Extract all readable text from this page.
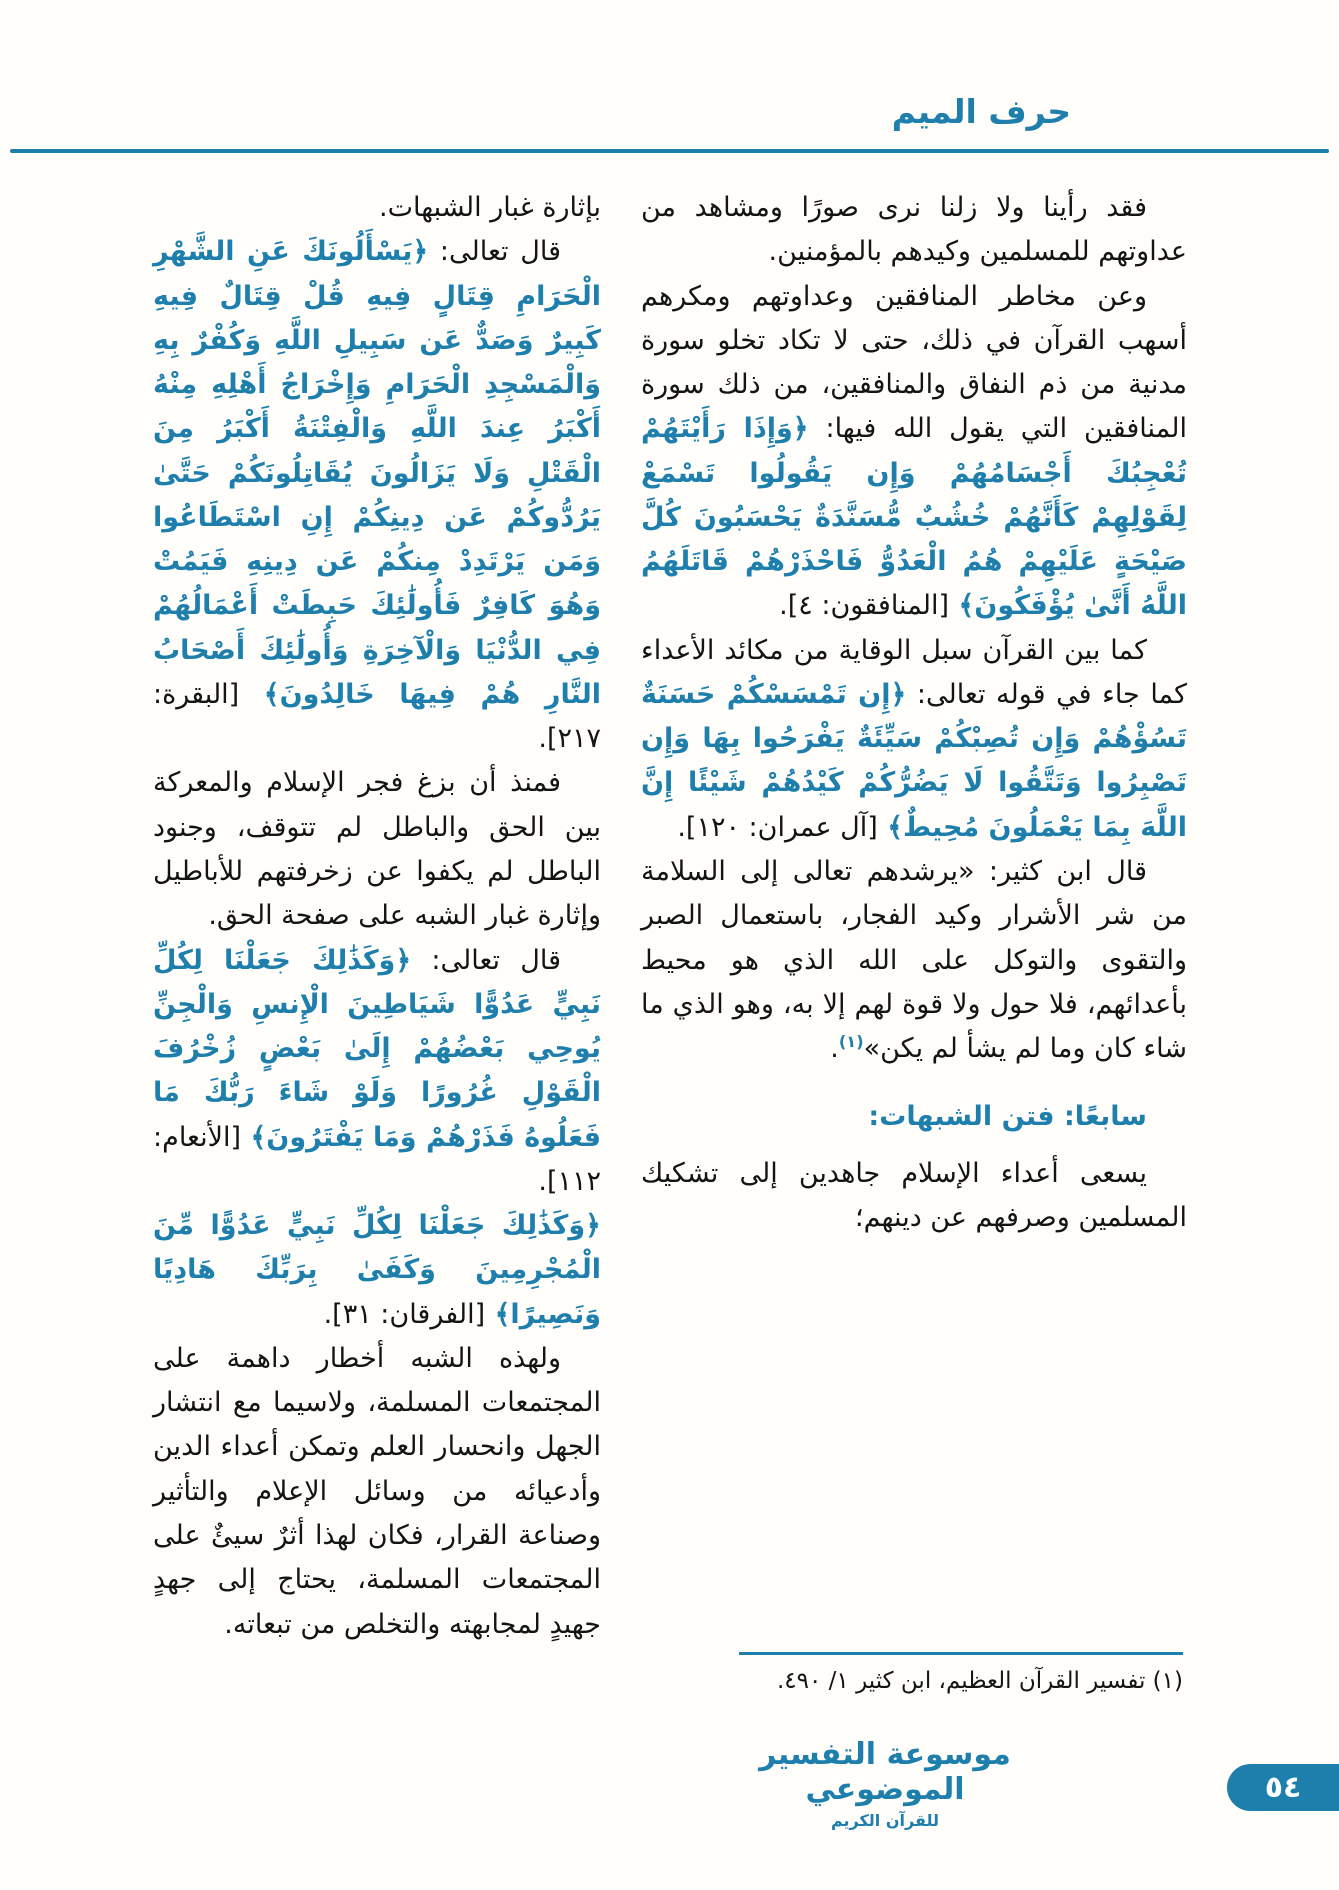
حرف الميم

فقد رأينا ولا زلنا نرى صورًا ومشاهد من عداوتهم للمسلمين وكيدهم بالمؤمنين.

وعن مخاطر المنافقين وعداوتهم ومكرهم أسهب القرآن في ذلك، حتى لا تكاد تخلو سورة مدنية من ذم النفاق والمنافقين، من ذلك سورة المنافقين التي يقول الله فيها: ﴿وَإِذَا رَأَيْتَهُمْ تُعْجِبُكَ أَجْسَامُهُمْ وَإِن يَقُولُوا تَسْمَعْ لِقَوْلِهِمْ كَأَنَّهُمْ خُشُبٌ مُّسَنَّدَةٌ يَحْسَبُونَ كُلَّ صَيْحَةٍ عَلَيْهِمْ هُمُ الْعَدُوُّ فَاحْذَرْهُمْ قَاتَلَهُمُ اللَّهُ أَنَّىٰ يُؤْفَكُونَ﴾ [المنافقون: ٤].

كما بين القرآن سبل الوقاية من مكائد الأعداء كما جاء في قوله تعالى: ﴿إِن تَمْسَسْكُمْ حَسَنَةٌ تَسُؤْهُمْ وَإِن تُصِبْكُمْ سَيِّئَةٌ يَفْرَحُوا بِهَا وَإِن تَصْبِرُوا وَتَتَّقُوا لَا يَضُرُّكُمْ كَيْدُهُمْ شَيْئًا إِنَّ اللَّهَ بِمَا يَعْمَلُونَ مُحِيطٌ﴾ [آل عمران: ١٢٠].

قال ابن كثير: «يرشدهم تعالى إلى السلامة من شر الأشرار وكيد الفجار، باستعمال الصبر والتقوى والتوكل على الله الذي هو محيط بأعدائهم، فلا حول ولا قوة لهم إلا به، وهو الذي ما شاء كان وما لم يشأ لم يكن»$^{(١)}$.

سابعًا: فتن الشبهات:

يسعى أعداء الإسلام جاهدين إلى تشكيك المسلمين وصرفهم عن دينهم؛

بإثارة غبار الشبهات.

قال تعالى: ﴿يَسْأَلُونَكَ عَنِ الشَّهْرِ الْحَرَامِ قِتَالٍ فِيهِ قُلْ قِتَالٌ فِيهِ كَبِيرٌ وَصَدٌّ عَن سَبِيلِ اللَّهِ وَكُفْرٌ بِهِ وَالْمَسْجِدِ الْحَرَامِ وَإِخْرَاجُ أَهْلِهِ مِنْهُ أَكْبَرُ عِندَ اللَّهِ وَالْفِتْنَةُ أَكْبَرُ مِنَ الْقَتْلِ وَلَا يَزَالُونَ يُقَاتِلُونَكُمْ حَتَّىٰ يَرُدُّوكُمْ عَن دِينِكُمْ إِنِ اسْتَطَاعُوا وَمَن يَرْتَدِدْ مِنكُمْ عَن دِينِهِ فَيَمُتْ وَهُوَ كَافِرٌ فَأُولَٰئِكَ حَبِطَتْ أَعْمَالُهُمْ فِي الدُّنْيَا وَالْآخِرَةِ وَأُولَٰئِكَ أَصْحَابُ النَّارِ هُمْ فِيهَا خَالِدُونَ﴾ [البقرة: ٢١٧].

فمنذ أن بزغ فجر الإسلام والمعركة بين الحق والباطل لم تتوقف، وجنود الباطل لم يكفوا عن زخرفتهم للأباطيل وإثارة غبار الشبه على صفحة الحق.

قال تعالى: ﴿وَكَذَٰلِكَ جَعَلْنَا لِكُلِّ نَبِيٍّ عَدُوًّا شَيَاطِينَ الْإِنسِ وَالْجِنِّ يُوحِي بَعْضُهُمْ إِلَىٰ بَعْضٍ زُخْرُفَ الْقَوْلِ غُرُورًا وَلَوْ شَاءَ رَبُّكَ مَا فَعَلُوهُ فَذَرْهُمْ وَمَا يَفْتَرُونَ﴾ [الأنعام: ١١٢].

﴿وَكَذَٰلِكَ جَعَلْنَا لِكُلِّ نَبِيٍّ عَدُوًّا مِّنَ الْمُجْرِمِينَ وَكَفَىٰ بِرَبِّكَ هَادِيًا وَنَصِيرًا﴾ [الفرقان: ٣١].

ولهذه الشبه أخطار داهمة على المجتمعات المسلمة، ولاسيما مع انتشار الجهل وانحسار العلم وتمكن أعداء الدين وأدعيائه من وسائل الإعلام والتأثير وصناعة القرار، فكان لهذا أثرٌ سيئٌ على المجتمعات المسلمة، يحتاج إلى جهدٍ جهيدٍ لمجابهته والتخلص من تبعاته.

(١) تفسير القرآن العظيم، ابن كثير ١/ ٤٩٠.
موسوعة التفسير الموضوعي
للقرآن الكريم
٥٤
